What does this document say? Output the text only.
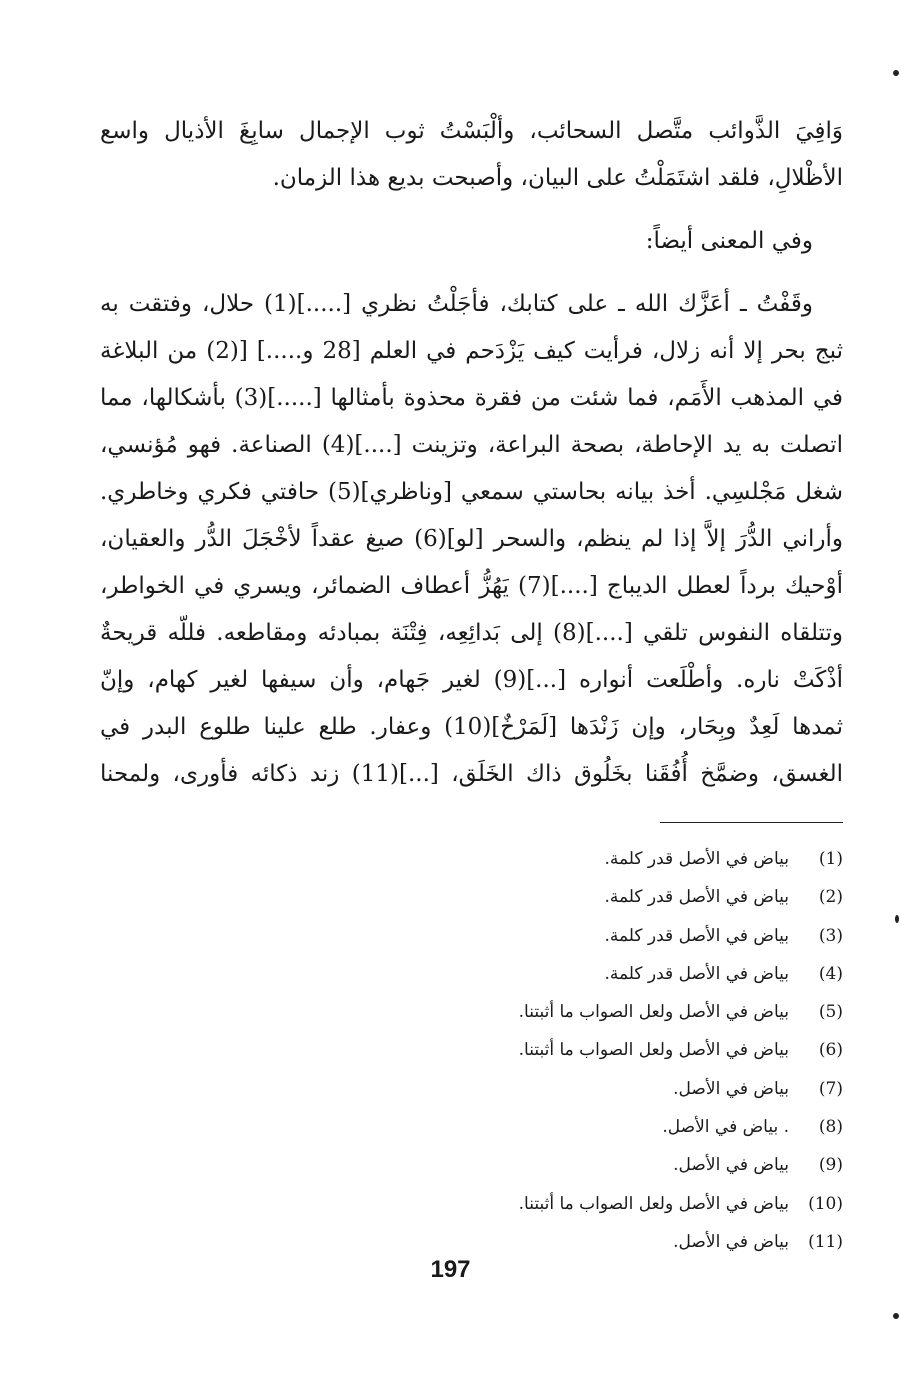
وَافِيَ الذَّوائب متَّصل السحائب، وألْبَسْتُ ثوب الإجمال سابِغَ الأذيال واسع
الأظْلالِ، فلقد اشتَمَلْتُ على البيان، وأصبحت بديع هذا الزمان.
وفي المعنى أيضاً:
وقَفْتُ ـ أعَزَّك الله ـ على كتابك، فأجَلْتُ نظري [.....](1) حلال، وفتقت به
ثبج بحر إلا أنه زلال، فرأيت كيف يَزْدَحم في العلم [28 و.....] [(2) من البلاغة
في المذهب الأَمَم، فما شئت من فقرة محذوة بأمثالها [.....](3) بأشكالها، مما
اتصلت به يد الإحاطة، بصحة البراعة، وتزينت [....](4) الصناعة. فهو مُؤنسي،
شغل مَجْلسِي. أخذ بيانه بحاستي سمعي [وناظري](5) حافتي فكري وخاطري.
وأراني الدُّرَ إلاَّ إذا لم ينظم، والسحر [لو](6) صيغ عقداً لأخْجَلَ الدُّر والعقيان،
أوْحيك برداً لعطل الديباج [....](7) يَهُزُّ أعطاف الضمائر، ويسري في الخواطر،
وتتلقاه النفوس تلقي [....](8) إلى بَدائِعِه، فِتْنَة بمبادئه ومقاطعه. فللّه قريحةٌ
أذْكَتْ ناره. وأطْلَعت أنواره [...](9) لغير جَهام، وأن سيفها لغير كهام، وإنّ
ثمدها لَعِدٌ وبِحَار، وإن زَنْدَها [لَمَرْخٌ](10) وعفار. طلع علينا طلوع البدر في
الغسق، وضمَّخ أُفُقَنا بخَلُوق ذاك الخَلَق، [...](11) زند ذكائه فأورى، ولمحنا
(1)بياض في الأصل قدر كلمة.
(2)بياض في الأصل قدر كلمة.
(3)بياض في الأصل قدر كلمة.
(4)بياض في الأصل قدر كلمة.
(5)بياض في الأصل ولعل الصواب ما أثبتنا.
(6)بياض في الأصل ولعل الصواب ما أثبتنا.
(7)بياض في الأصل.
(8). بياض في الأصل.
(9)بياض في الأصل.
(10)بياض في الأصل ولعل الصواب ما أثبتنا.
(11)بياض في الأصل.
197
